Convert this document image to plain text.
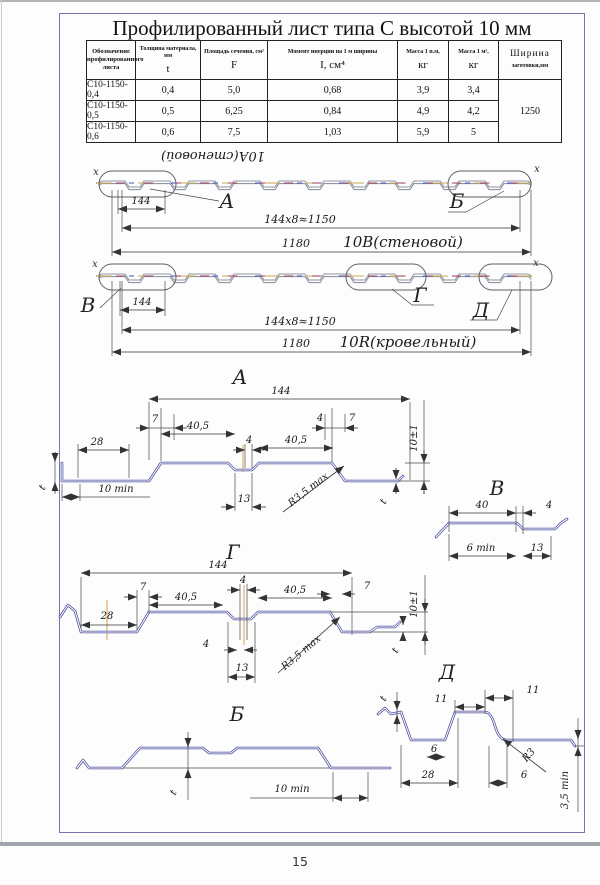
Профилированный лист типа С высотой 10 мм
Обозначение
профилированного
листа

Толщина материала, мм
t

Площадь сечения, см²
F

Момент инерции на 1 м ширины
I, см⁴

Масса 1 п.м,
кг

Масса 1 м²,
кг

Ширина
заготовки,мм

С10-1150-0,4	0,4	5,0	0,68	3,9	3,4	1250
С10-1150-0,5	0,5	6,25	0,84	4,9	4,2	
С10-1150-0,6	0,6	7,5	1,03	5,9	5	
х	х
10А(стеновой)
А	Б
144
144х8≈1150
1180 10В(стеновой)
х	х
В	Г
Д
144
144х8≈1150
1180 10R(кровельный)
А
144
7
40,5
4	7
28	4	40,5
10 min
13	R3,5 max
10±1
t
t
В
40	4
6 min	13
Г
144
7
40,5
4
40,5	7
28
4
13	R3,5 max
10±1
t
Б
t	10 min
Д
t	11
11
6
28	6
R3
3,5 min
15
